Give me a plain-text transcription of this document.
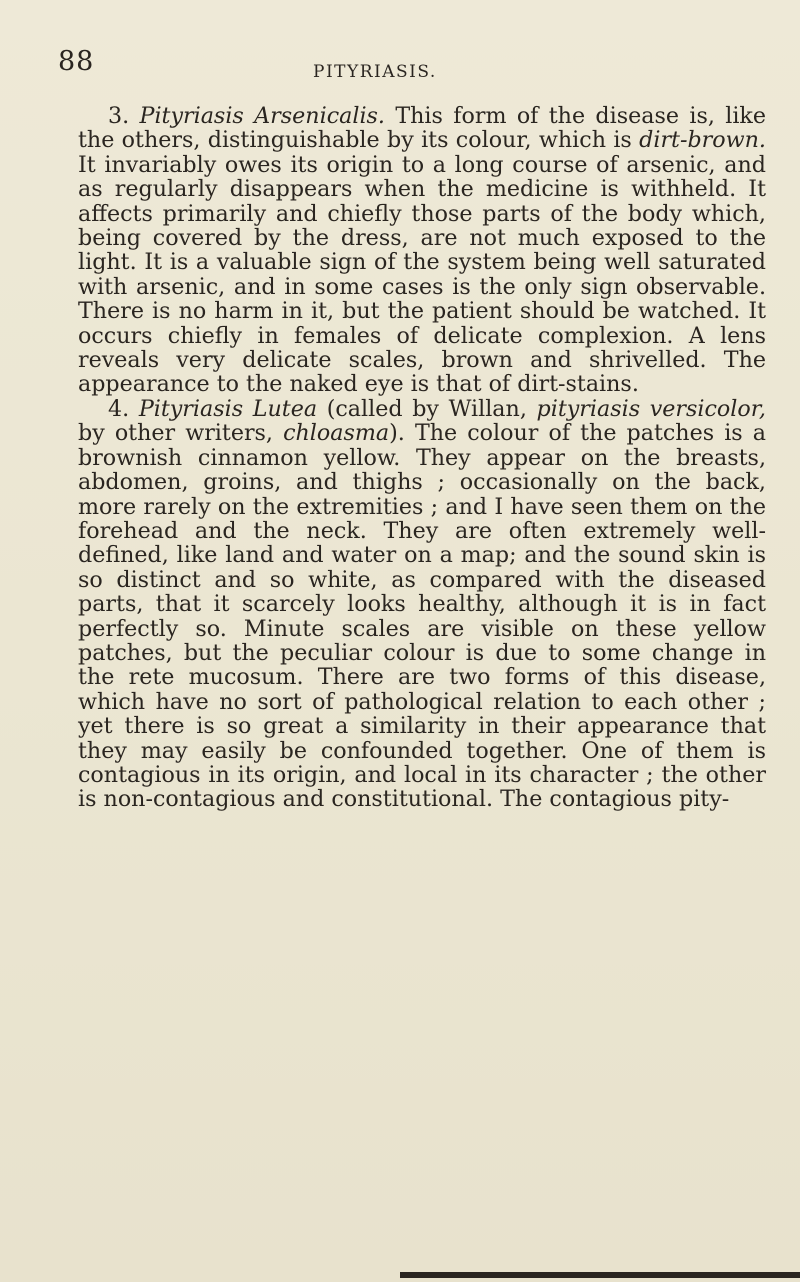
88	PITYRIASIS.

3. Pityriasis Arsenicalis. This form of the disease is, like the others, distinguishable by its colour, which is dirt-brown. It invariably owes its origin to a long course of arsenic, and as regularly disappears when the medicine is withheld. It affects primarily and chiefly those parts of the body which, being covered by the dress, are not much exposed to the light. It is a valuable sign of the system being well saturated with arsenic, and in some cases is the only sign observable. There is no harm in it, but the patient should be watched. It occurs chiefly in females of delicate complexion. A lens reveals very delicate scales, brown and shrivelled. The appearance to the naked eye is that of dirt-stains.

4. Pityriasis Lutea (called by Willan, pityriasis versicolor, by other writers, chloasma). The colour of the patches is a brownish cinnamon yellow. They appear on the breasts, abdomen, groins, and thighs ; occasionally on the back, more rarely on the extremities ; and I have seen them on the forehead and the neck. They are often extremely well-defined, like land and water on a map; and the sound skin is so distinct and so white, as compared with the diseased parts, that it scarcely looks healthy, although it is in fact perfectly so. Minute scales are visible on these yellow patches, but the peculiar colour is due to some change in the rete mucosum. There are two forms of this disease, which have no sort of pathological relation to each other ; yet there is so great a similarity in their appearance that they may easily be confounded together. One of them is contagious in its origin, and local in its character ; the other is non-contagious and constitutional. The contagious pity-
